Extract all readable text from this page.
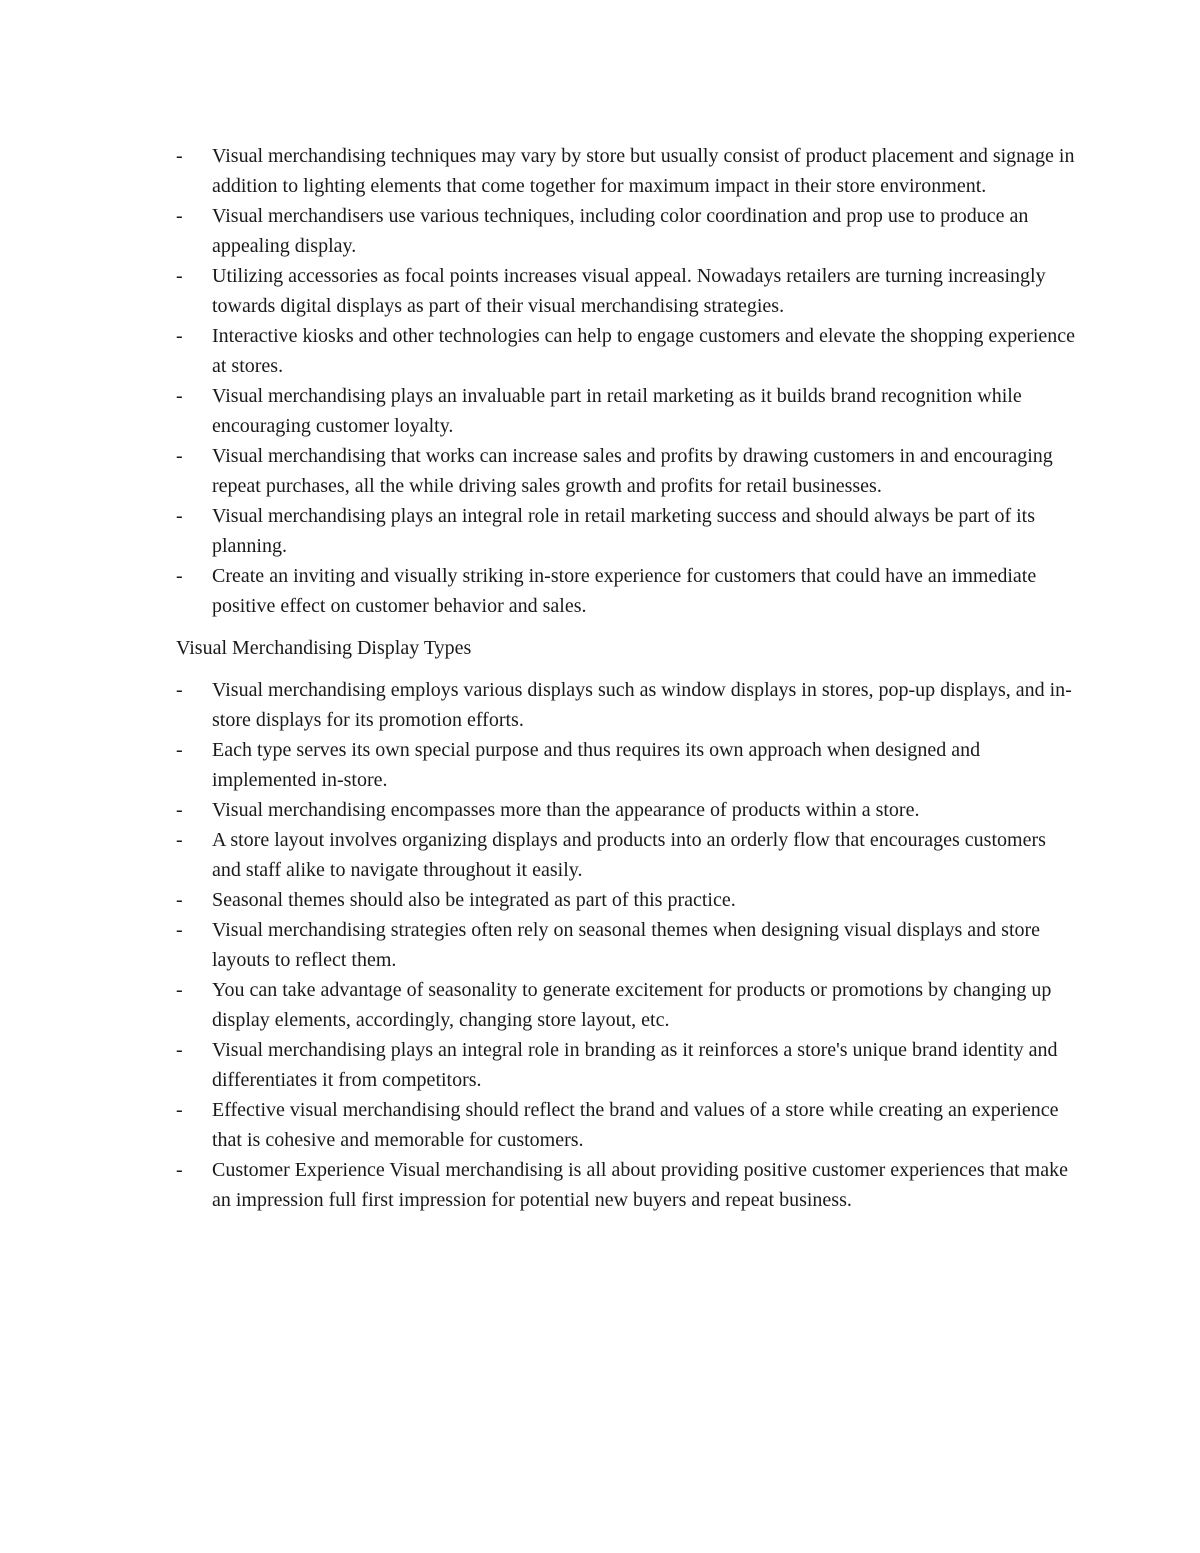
-	Visual merchandising techniques may vary by store but usually consist of product placement and signage in addition to lighting elements that come together for maximum impact in their store environment.
-	Visual merchandisers use various techniques, including color coordination and prop use to produce an appealing display.
-	Utilizing accessories as focal points increases visual appeal. Nowadays retailers are turning increasingly towards digital displays as part of their visual merchandising strategies.
-	Interactive kiosks and other technologies can help to engage customers and elevate the shopping experience at stores.
-	Visual merchandising plays an invaluable part in retail marketing as it builds brand recognition while encouraging customer loyalty.
-	Visual merchandising that works can increase sales and profits by drawing customers in and encouraging repeat purchases, all the while driving sales growth and profits for retail businesses.
-	Visual merchandising plays an integral role in retail marketing success and should always be part of its planning.
-	Create an inviting and visually striking in-store experience for customers that could have an immediate positive effect on customer behavior and sales.
Visual Merchandising Display Types
-	Visual merchandising employs various displays such as window displays in stores, pop-up displays, and in-store displays for its promotion efforts.
-	Each type serves its own special purpose and thus requires its own approach when designed and implemented in-store.
-	Visual merchandising encompasses more than the appearance of products within a store.
-	A store layout involves organizing displays and products into an orderly flow that encourages customers and staff alike to navigate throughout it easily.
-	Seasonal themes should also be integrated as part of this practice.
-	Visual merchandising strategies often rely on seasonal themes when designing visual displays and store layouts to reflect them.
-	You can take advantage of seasonality to generate excitement for products or promotions by changing up display elements, accordingly, changing store layout, etc.
-	Visual merchandising plays an integral role in branding as it reinforces a store's unique brand identity and differentiates it from competitors.
-	Effective visual merchandising should reflect the brand and values of a store while creating an experience that is cohesive and memorable for customers.
-	Customer Experience Visual merchandising is all about providing positive customer experiences that make an impression full first impression for potential new buyers and repeat business.
